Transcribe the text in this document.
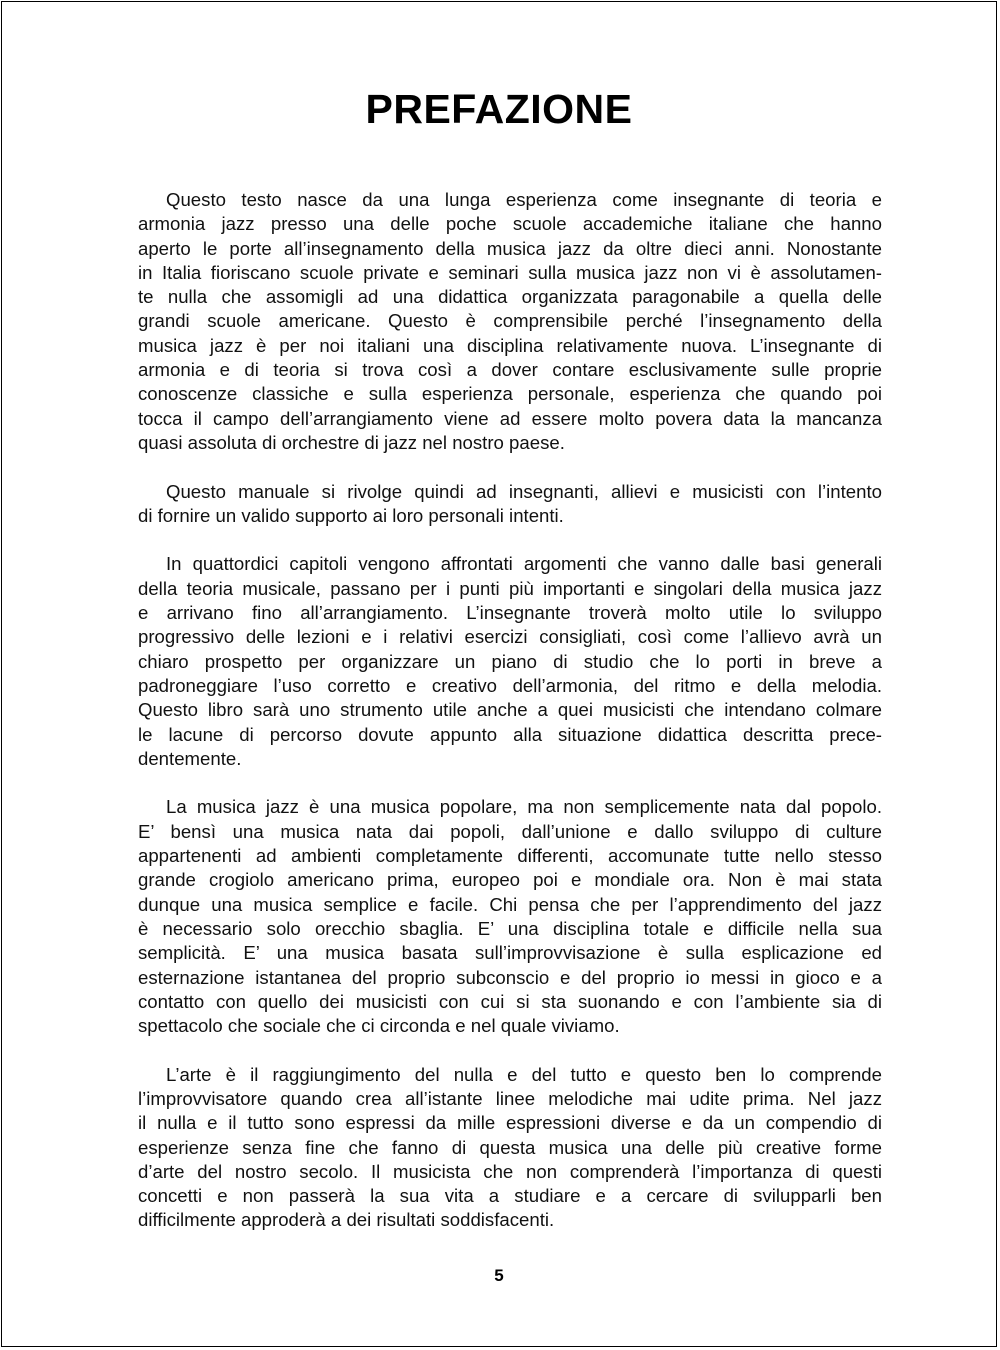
PREFAZIONE
Questo testo nasce da una lunga esperienza come insegnante di teoria e
armonia jazz presso una delle poche scuole accademiche italiane che hanno
aperto le porte all’insegnamento della musica jazz da oltre dieci anni. Nonostante
in Italia fioriscano scuole private e seminari sulla musica jazz non vi è assolutamen-
te nulla che assomigli ad una didattica organizzata paragonabile a quella delle
grandi scuole americane. Questo è comprensibile perché l’insegnamento della
musica jazz è per noi italiani una disciplina relativamente nuova. L’insegnante di
armonia e di teoria si trova così a dover contare esclusivamente sulle proprie
conoscenze classiche e sulla esperienza personale, esperienza che quando poi
tocca il campo dell’arrangiamento viene ad essere molto povera data la mancanza
quasi assoluta di orchestre di jazz nel nostro paese.
Questo manuale si rivolge quindi ad insegnanti, allievi e musicisti con l’intento
di fornire un valido supporto ai loro personali intenti.
In quattordici capitoli vengono affrontati argomenti che vanno dalle basi generali
della teoria musicale, passano per i punti più importanti e singolari della musica jazz
e arrivano fino all’arrangiamento. L’insegnante troverà molto utile lo sviluppo
progressivo delle lezioni e i relativi esercizi consigliati, così come l’allievo avrà un
chiaro prospetto per organizzare un piano di studio che lo porti in breve a
padroneggiare l’uso corretto e creativo dell’armonia, del ritmo e della melodia.
Questo libro sarà uno strumento utile anche a quei musicisti che intendano colmare
le lacune di percorso dovute appunto alla situazione didattica descritta prece-
dentemente.
La musica jazz è una musica popolare, ma non semplicemente nata dal popolo.
E’ bensì una musica nata dai popoli, dall’unione e dallo sviluppo di culture
appartenenti ad ambienti completamente differenti, accomunate tutte nello stesso
grande crogiolo americano prima, europeo poi e mondiale ora. Non è mai stata
dunque una musica semplice e facile. Chi pensa che per l’apprendimento del jazz
è necessario solo orecchio sbaglia. E’ una disciplina totale e difficile nella sua
semplicità. E’ una musica basata sull’improvvisazione è sulla esplicazione ed
esternazione istantanea del proprio subconscio e del proprio io messi in gioco e a
contatto con quello dei musicisti con cui si sta suonando e con l’ambiente sia di
spettacolo che sociale che ci circonda e nel quale viviamo.
L’arte è il raggiungimento del nulla e del tutto e questo ben lo comprende
l’improvvisatore quando crea all’istante linee melodiche mai udite prima. Nel jazz
il nulla e il tutto sono espressi da mille espressioni diverse e da un compendio di
esperienze senza fine che fanno di questa musica una delle più creative forme
d’arte del nostro secolo. Il musicista che non comprenderà l’importanza di questi
concetti e non passerà la sua vita a studiare e a cercare di svilupparli ben
difficilmente approderà a dei risultati soddisfacenti.
5
